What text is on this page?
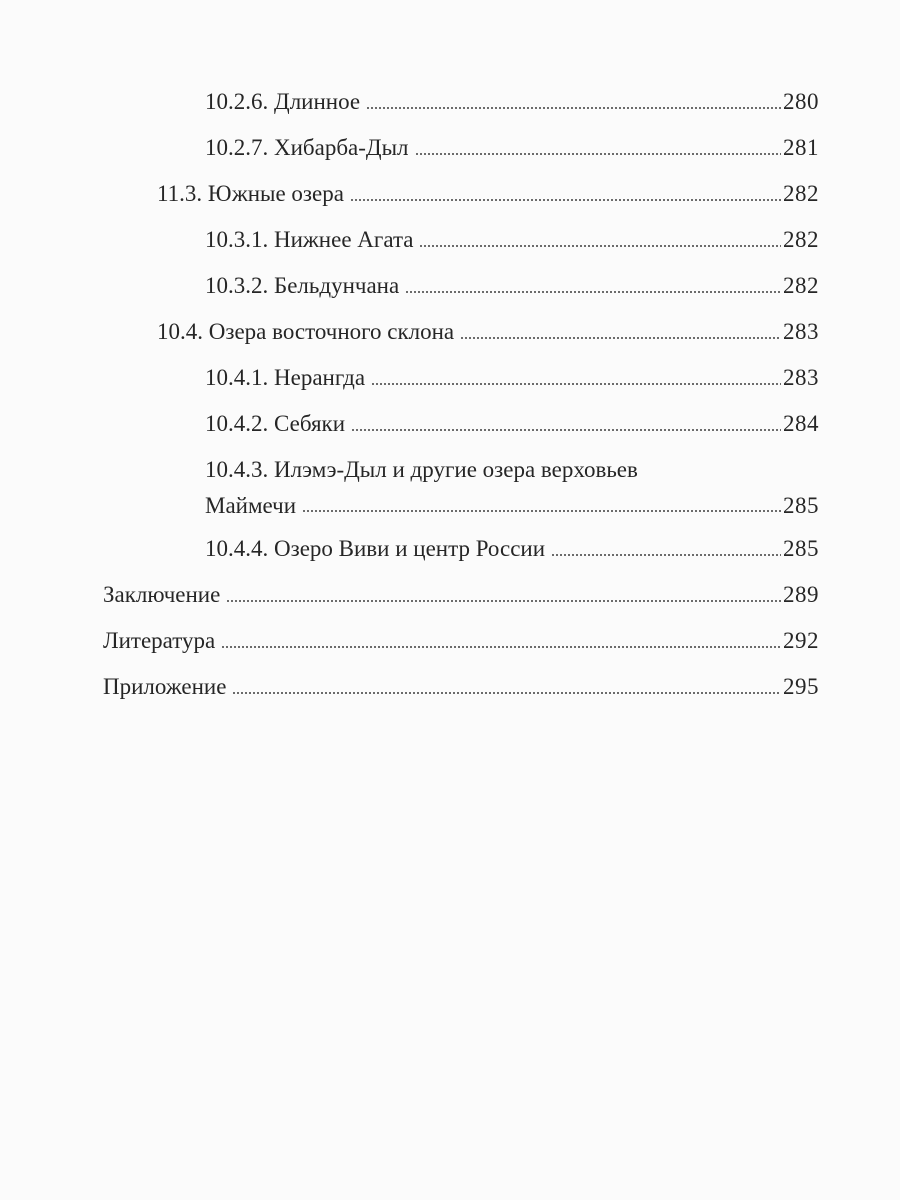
10.2.6. Длинное	280
10.2.7. Хибарба-Дыл	281
11.3. Южные озера	282
10.3.1. Нижнее Агата	282
10.3.2. Бельдунчана	282
10.4. Озера восточного склона	283
10.4.1. Нерангда	283
10.4.2. Себяки	284
10.4.3. Илэмэ-Дыл и другие озера верховьев
Маймечи	285
10.4.4. Озеро Виви и центр России	285
Заключение	289
Литература	292
Приложение	295
